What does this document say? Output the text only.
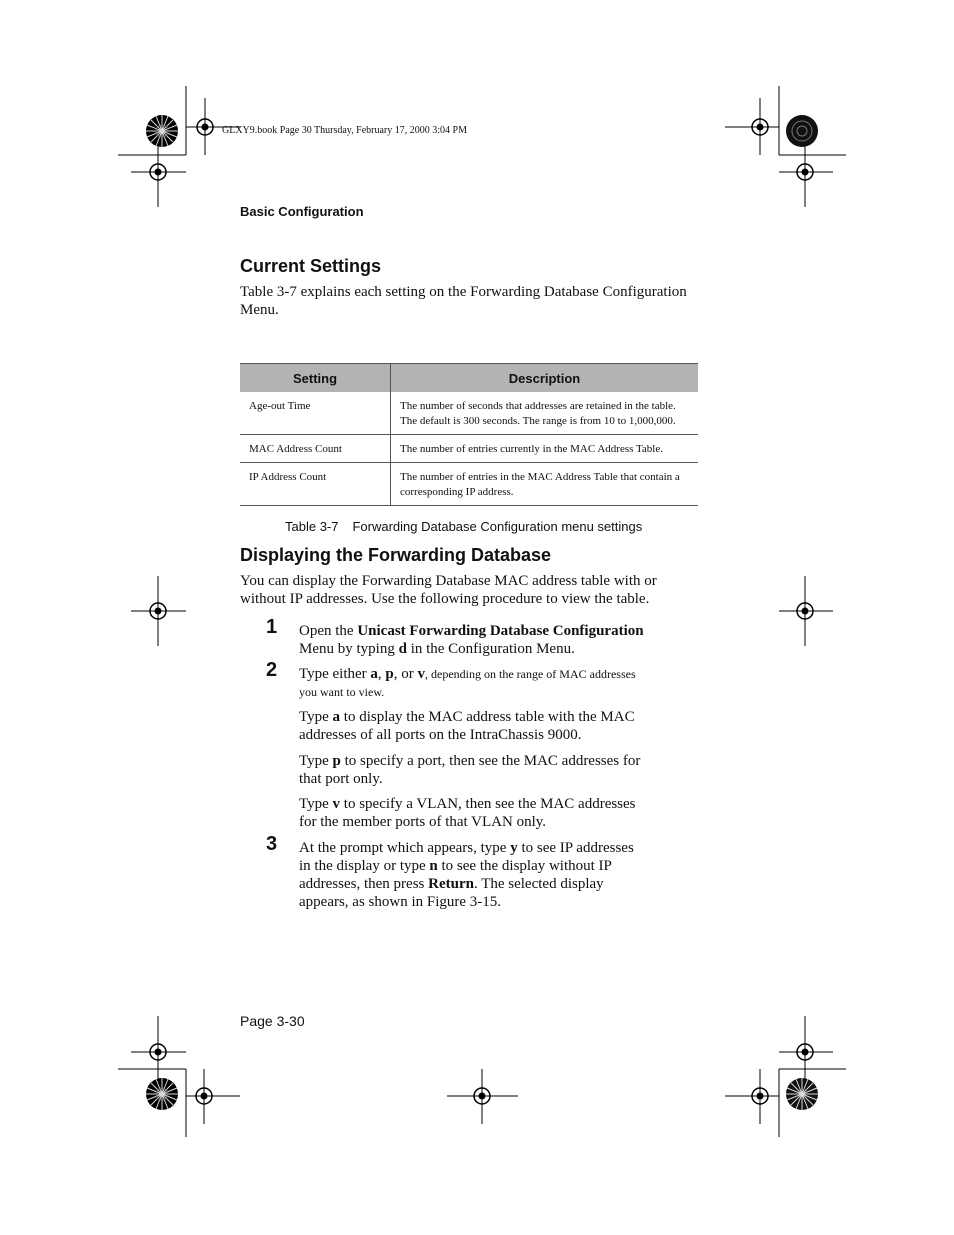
GLXY9.book Page 30 Thursday, February 17, 2000 3:04 PM
Basic Configuration
Current Settings
Table 3-7 explains each setting on the Forwarding Database Configuration Menu.
Setting	Description
Age-out Time	The number of seconds that addresses are retained in the table. The default is 300 seconds. The range is from 10 to 1,000,000.
MAC Address Count	The number of entries currently in the MAC Address Table.
IP Address Count	The number of entries in the MAC Address Table that contain a corresponding IP address.
Table 3-7 Forwarding Database Configuration menu settings
Displaying the Forwarding Database
You can display the Forwarding Database MAC address table with or without IP addresses. Use the following procedure to view the table.
1 Open the Unicast Forwarding Database Configuration Menu by typing d in the Configuration Menu.
2 Type either a, p, or v, depending on the range of MAC addresses you want to view.
Type a to display the MAC address table with the MAC addresses of all ports on the IntraChassis 9000.
Type p to specify a port, then see the MAC addresses for that port only.
Type v to specify a VLAN, then see the MAC addresses for the member ports of that VLAN only.
3 At the prompt which appears, type y to see IP addresses in the display or type n to see the display without IP addresses, then press Return. The selected display appears, as shown in Figure 3-15.
Page 3-30
